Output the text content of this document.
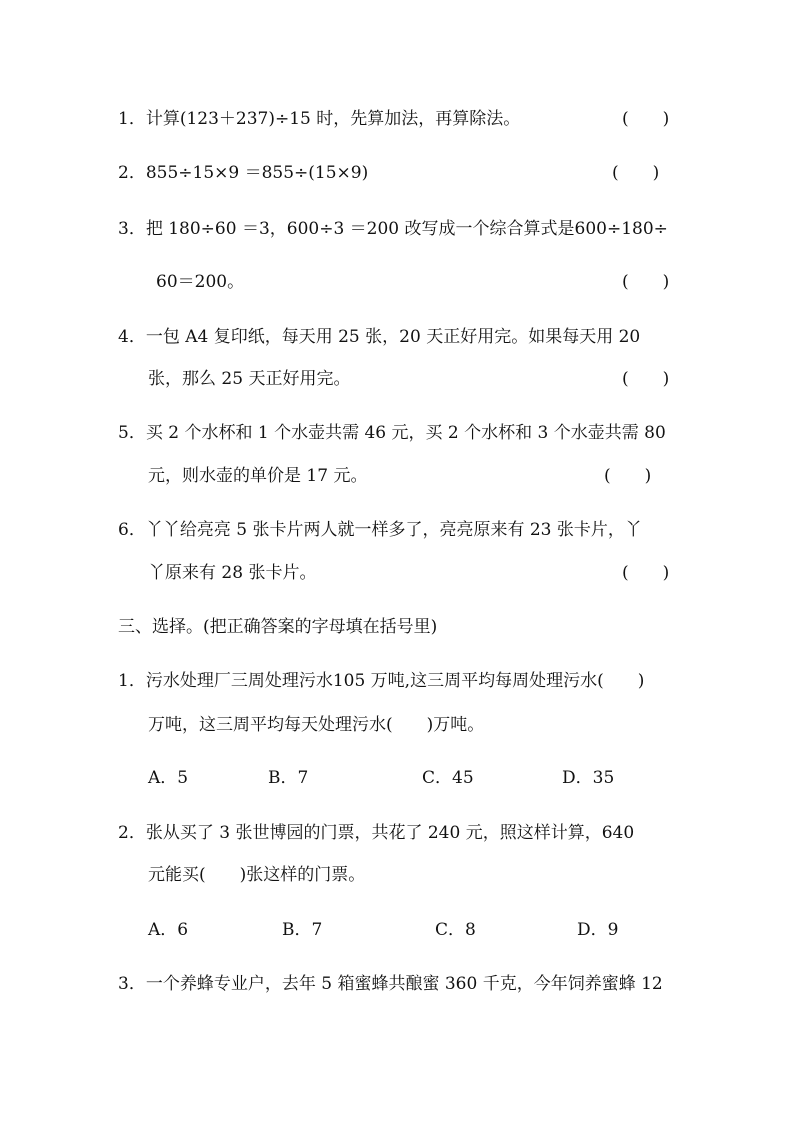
1．计算(123＋237)÷15 时，先算加法，再算除法。	(　　)
2．855÷15×9 ＝855÷(15×9)	(　　)
3．把 180÷60 ＝3，600÷3 ＝200 改写成一个综合算式是600÷180÷
60＝200。	(　　)
4．一包 A4 复印纸，每天用 25 张，20 天正好用完。如果每天用 20
张，那么 25 天正好用完。	(　　)
5．买 2 个水杯和 1 个水壶共需 46 元，买 2 个水杯和 3 个水壶共需 80
元，则水壶的单价是 17 元。	(　　)
6．丫丫给亮亮 5 张卡片两人就一样多了，亮亮原来有 23 张卡片，丫
丫原来有 28 张卡片。	(　　)
三、选择。(把正确答案的字母填在括号里)
1．污水处理厂三周处理污水105 万吨,这三周平均每周处理污水(　　)
万吨，这三周平均每天处理污水(　　)万吨。
A．5	B．7	C．45	D．35
2．张从买了 3 张世博园的门票，共花了 240 元，照这样计算，640
元能买(　　)张这样的门票。
A．6	B．7	C．8	D．9
3．一个养蜂专业户，去年 5 箱蜜蜂共酿蜜 360 千克，今年饲养蜜蜂 12
